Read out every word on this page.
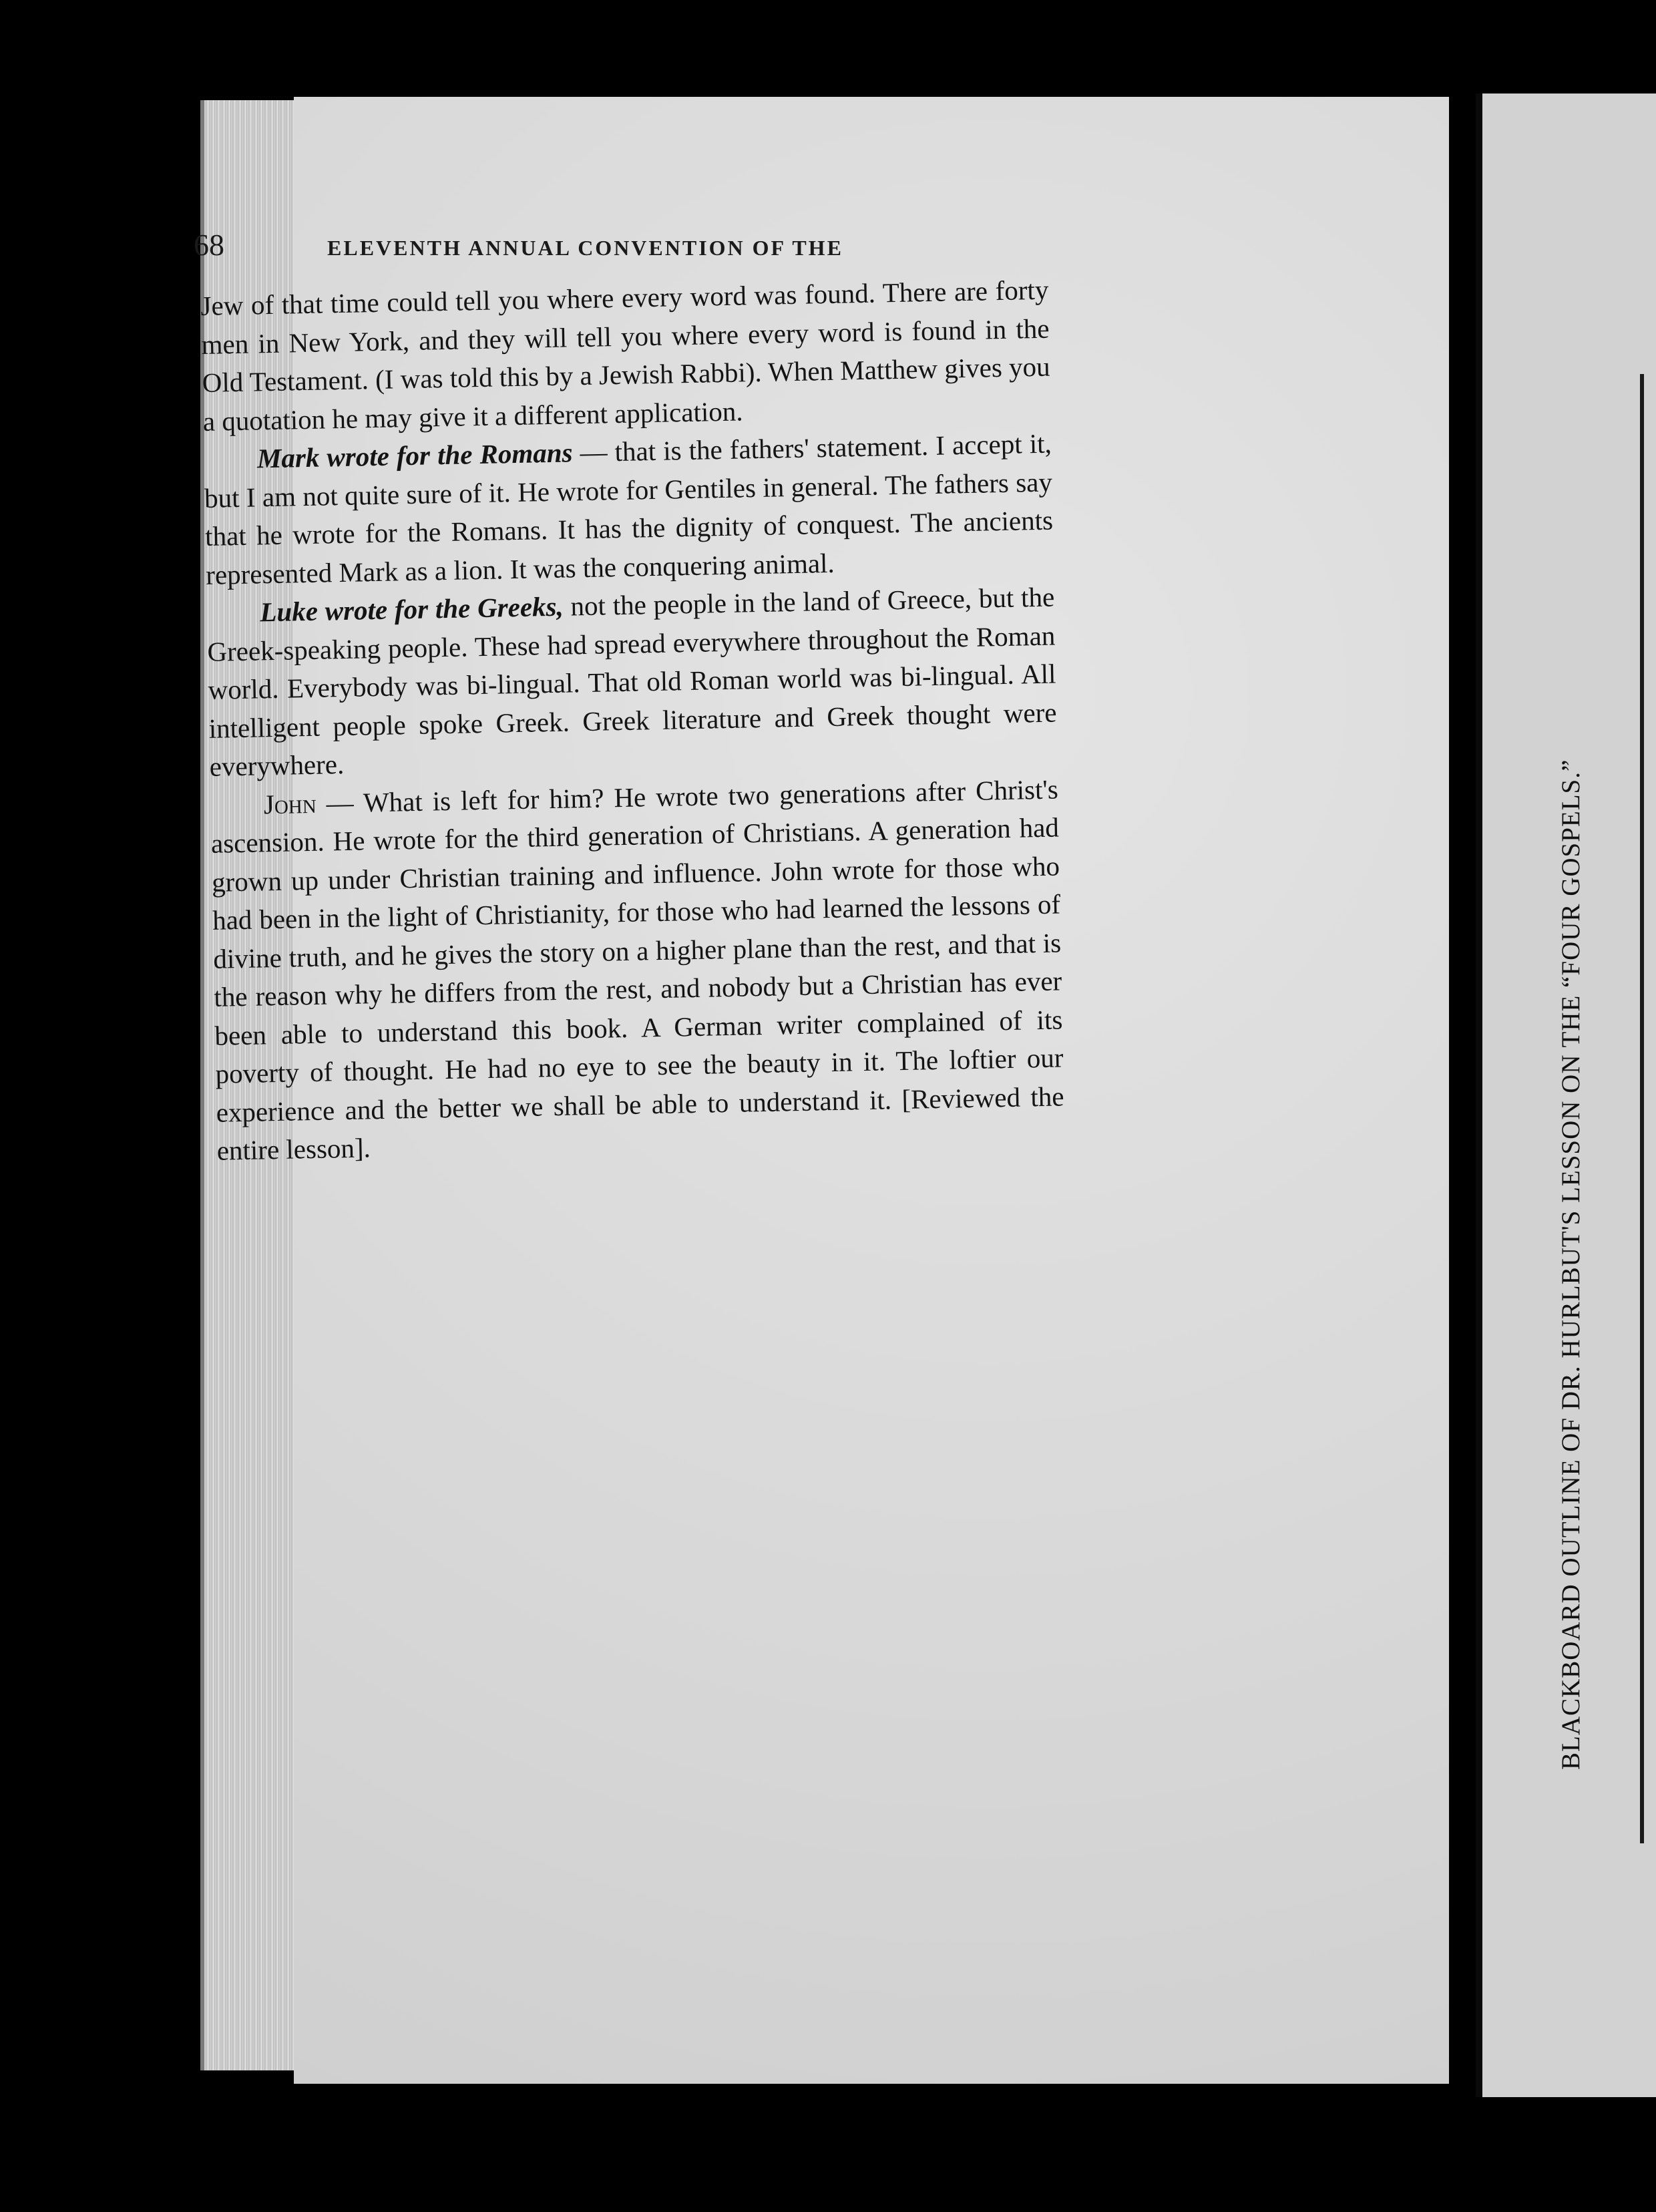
68	ELEVENTH ANNUAL CONVENTION OF THE

Jew of that time could tell you where every word was found. There are forty men in New York, and they will tell you where every word is found in the Old Testament. (I was told this by a Jewish Rabbi). When Matthew gives you a quotation he may give it a different application.

Mark wrote for the Romans — that is the fathers' statement. I accept it, but I am not quite sure of it. He wrote for Gentiles in general. The fathers say that he wrote for the Romans. It has the dignity of conquest. The ancients represented Mark as a lion. It was the conquering animal.

Luke wrote for the Greeks, not the people in the land of Greece, but the Greek-speaking people. These had spread everywhere throughout the Roman world. Everybody was bi-lingual. That old Roman world was bi-lingual. All intelligent people spoke Greek. Greek literature and Greek thought were everywhere.

John — What is left for him? He wrote two generations after Christ's ascension. He wrote for the third generation of Christians. A generation had grown up under Christian training and influence. John wrote for those who had been in the light of Christianity, for those who had learned the lessons of divine truth, and he gives the story on a higher plane than the rest, and that is the reason why he differs from the rest, and nobody but a Christian has ever been able to understand this book. A German writer complained of its poverty of thought. He had no eye to see the beauty in it. The loftier our experience and the better we shall be able to understand it. [Reviewed the entire lesson].	BLACKBOARD OUTLINE OF DR. HURLBUT'S LESSON ON THE “FOUR GOSPELS.”
